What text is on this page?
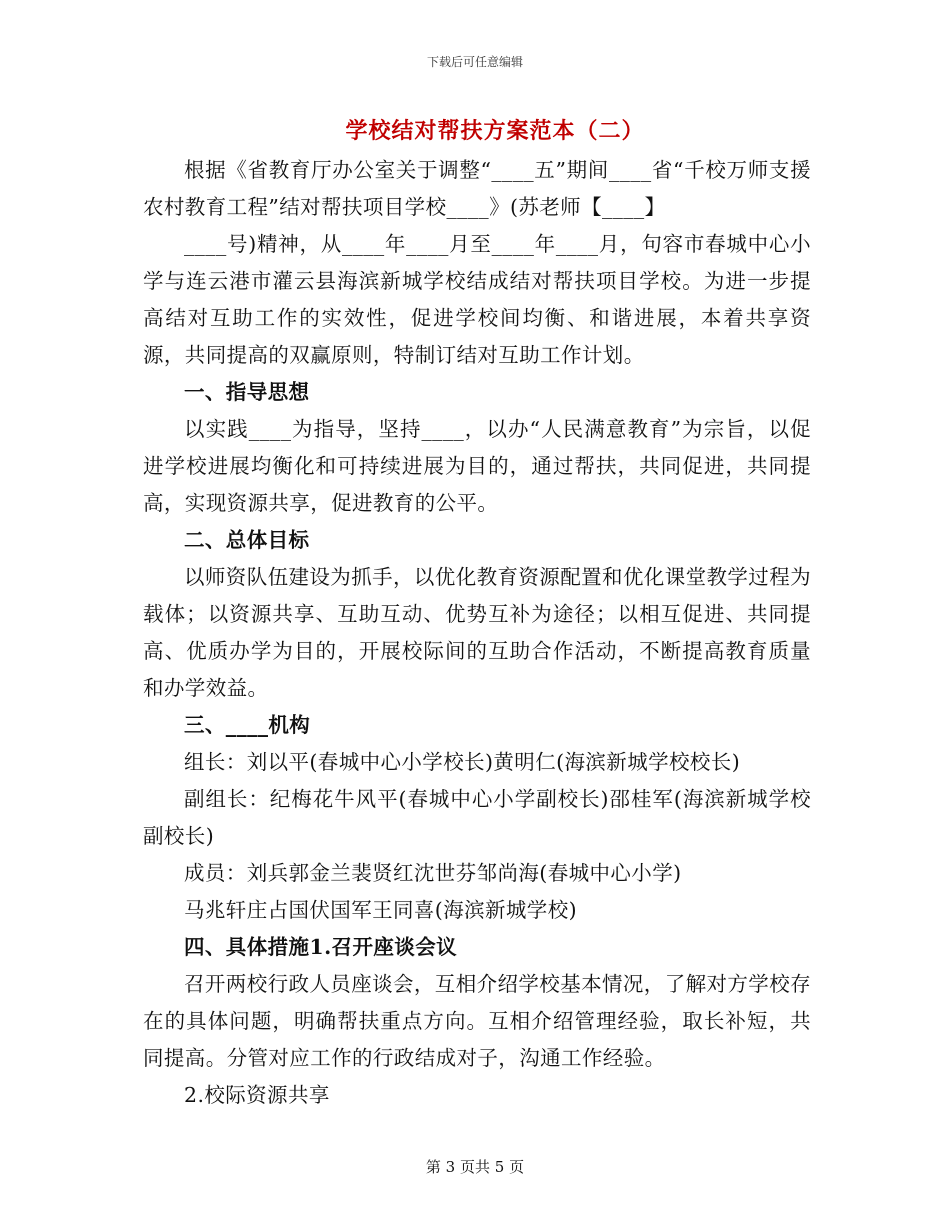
下载后可任意编辑
学校结对帮扶方案范本（二）

根据《省教育厅办公室关于调整“____五”期间____省“千校万师支援农村教育工程”结对帮扶项目学校____》(苏老师【____】

____号)精神，从____年____月至____年____月，句容市春城中心小学与连云港市灌云县海滨新城学校结成结对帮扶项目学校。为进一步提高结对互助工作的实效性，促进学校间均衡、和谐进展，本着共享资源，共同提高的双赢原则，特制订结对互助工作计划。

一、指导思想

以实践____为指导，坚持____，以办“人民满意教育”为宗旨，以促进学校进展均衡化和可持续进展为目的，通过帮扶，共同促进，共同提高，实现资源共享，促进教育的公平。

二、总体目标

以师资队伍建设为抓手，以优化教育资源配置和优化课堂教学过程为载体；以资源共享、互助互动、优势互补为途径；以相互促进、共同提高、优质办学为目的，开展校际间的互助合作活动，不断提高教育质量和办学效益。

三、____机构

组长：刘以平(春城中心小学校长)黄明仁(海滨新城学校校长)

副组长：纪梅花牛风平(春城中心小学副校长)邵桂军(海滨新城学校副校长)

成员：刘兵郭金兰裴贤红沈世芬邹尚海(春城中心小学)

马兆轩庄占国伏国军王同喜(海滨新城学校)

四、具体措施1.召开座谈会议

召开两校行政人员座谈会，互相介绍学校基本情况，了解对方学校存在的具体问题，明确帮扶重点方向。互相介绍管理经验，取长补短，共同提高。分管对应工作的行政结成对子，沟通工作经验。

2.校际资源共享

第 3 页共 5 页
